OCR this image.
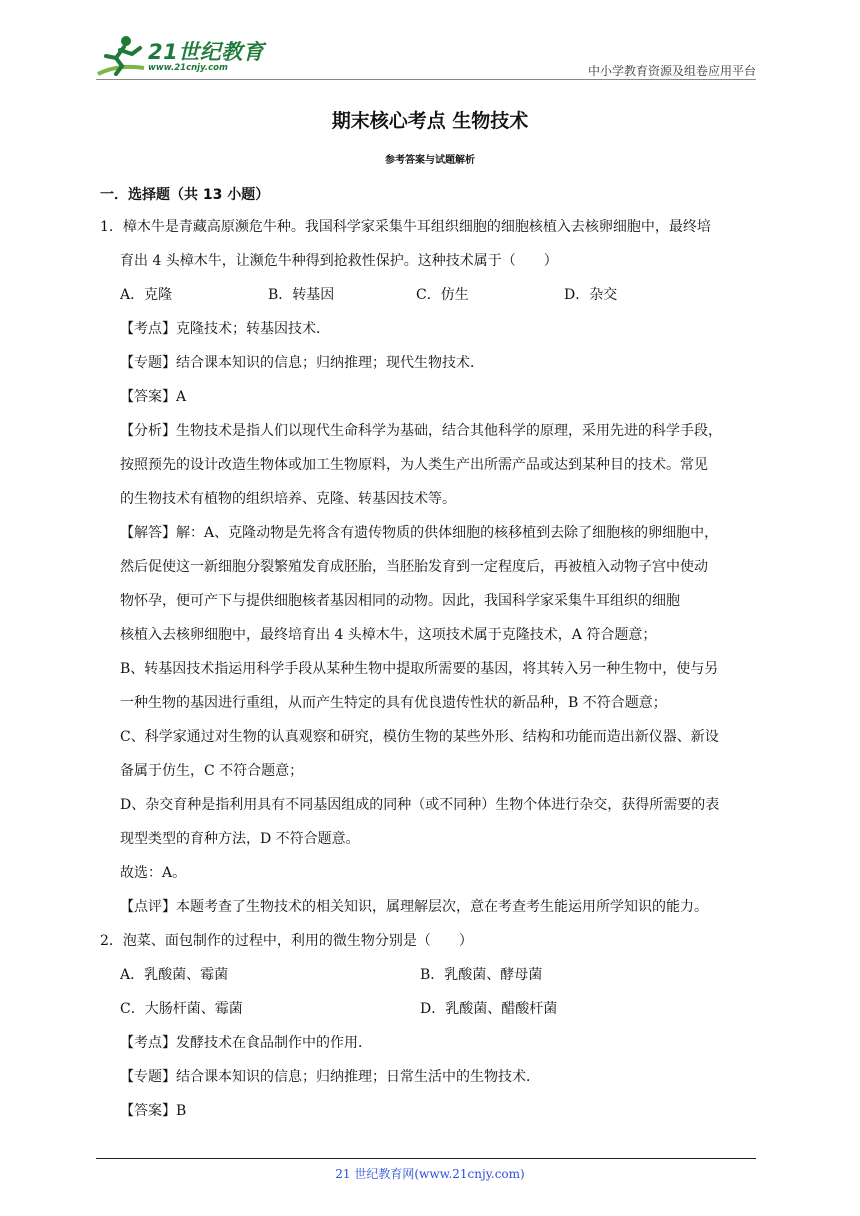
21世纪教育
www.21cnjy.com	中小学教育资源及组卷应用平台
期末核心考点 生物技术
参考答案与试题解析
一．选择题（共 13 小题）

1．樟木牛是青藏高原濒危牛种。我国科学家采集牛耳组织细胞的细胞核植入去核卵细胞中，最终培

育出 4 头樟木牛，让濒危牛种得到抢救性保护。这种技术属于（　　）

A．克隆	B．转基因	C．仿生	D．杂交

【考点】克隆技术；转基因技术．

【专题】结合课本知识的信息；归纳推理；现代生物技术．

【答案】A

【分析】生物技术是指人们以现代生命科学为基础，结合其他科学的原理，采用先进的科学手段，

按照预先的设计改造生物体或加工生物原料，为人类生产出所需产品或达到某种目的技术。常见

的生物技术有植物的组织培养、克隆、转基因技术等。

【解答】解：A、克隆动物是先将含有遗传物质的供体细胞的核移植到去除了细胞核的卵细胞中，

然后促使这一新细胞分裂繁殖发育成胚胎，当胚胎发育到一定程度后，再被植入动物子宫中使动

物怀孕，便可产下与提供细胞核者基因相同的动物。因此，我国科学家采集牛耳组织的细胞

核植入去核卵细胞中，最终培育出 4 头樟木牛，这项技术属于克隆技术，A 符合题意；

B、转基因技术指运用科学手段从某种生物中提取所需要的基因，将其转入另一种生物中，使与另

一种生物的基因进行重组，从而产生特定的具有优良遗传性状的新品种，B 不符合题意；

C、科学家通过对生物的认真观察和研究，模仿生物的某些外形、结构和功能而造出新仪器、新设

备属于仿生，C 不符合题意；

D、杂交育种是指利用具有不同基因组成的同种（或不同种）生物个体进行杂交，获得所需要的表

现型类型的育种方法，D 不符合题意。

故选：A。

【点评】本题考查了生物技术的相关知识，属理解层次，意在考查考生能运用所学知识的能力。

2．泡菜、面包制作的过程中，利用的微生物分别是（　　）

A．乳酸菌、霉菌	B．乳酸菌、酵母菌
C．大肠杆菌、霉菌	D．乳酸菌、醋酸杆菌

【考点】发酵技术在食品制作中的作用．

【专题】结合课本知识的信息；归纳推理；日常生活中的生物技术．

【答案】B

21 世纪教育网(www.21cnjy.com)
